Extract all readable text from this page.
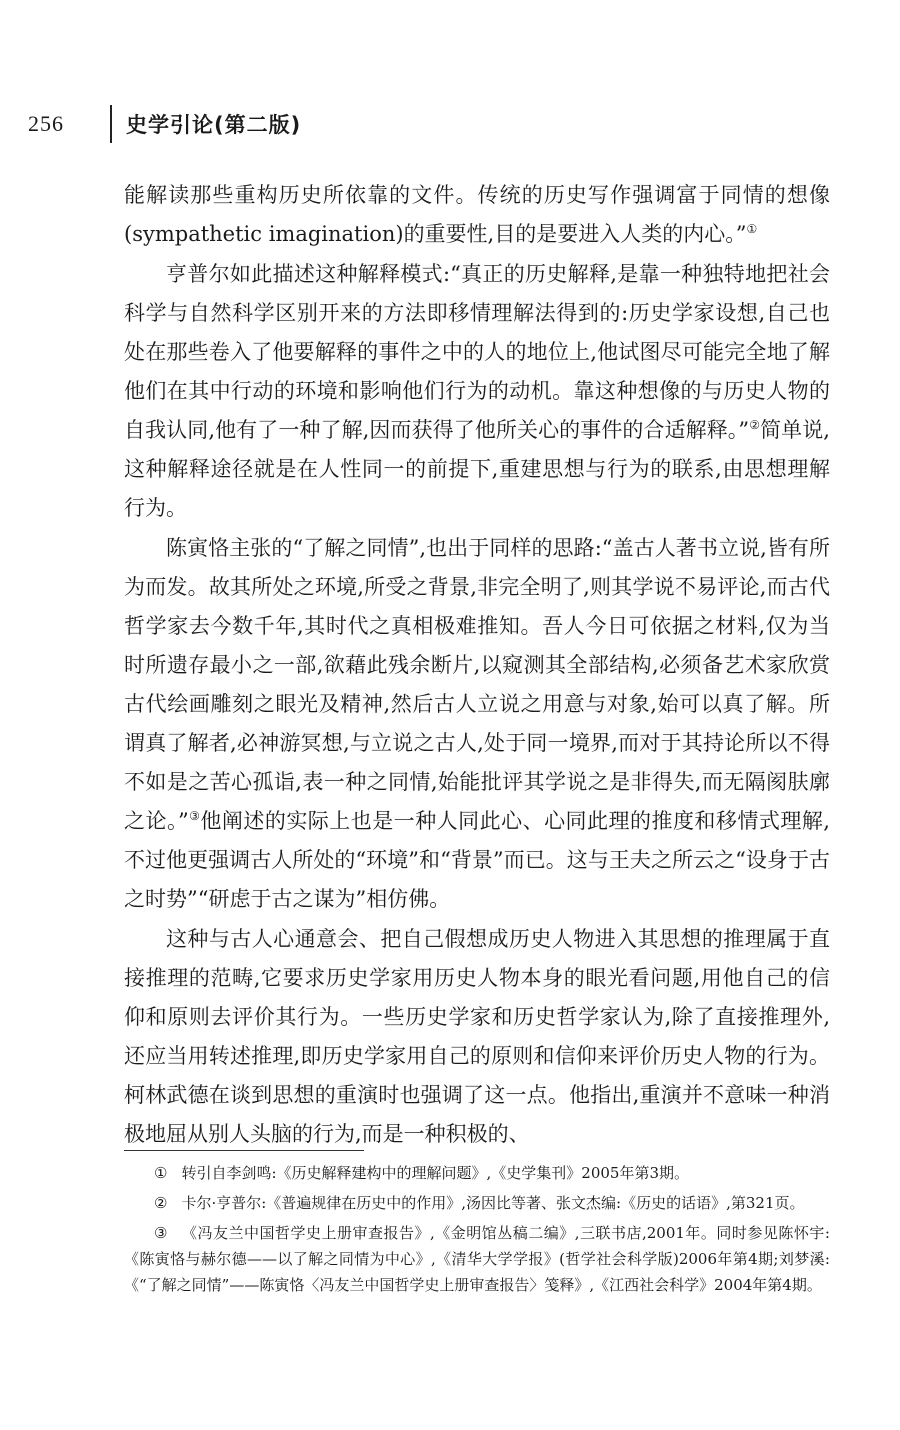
256	史学引论(第二版)

能解读那些重构历史所依靠的文件。传统的历史写作强调富于同情的想像(sympathetic imagination)的重要性,目的是要进入人类的内心。”①

亨普尔如此描述这种解释模式:“真正的历史解释,是靠一种独特地把社会科学与自然科学区别开来的方法即移情理解法得到的:历史学家设想,自己也处在那些卷入了他要解释的事件之中的人的地位上,他试图尽可能完全地了解他们在其中行动的环境和影响他们行为的动机。靠这种想像的与历史人物的自我认同,他有了一种了解,因而获得了他所关心的事件的合适解释。”②简单说,这种解释途径就是在人性同一的前提下,重建思想与行为的联系,由思想理解行为。

陈寅恪主张的“了解之同情”,也出于同样的思路:“盖古人著书立说,皆有所为而发。故其所处之环境,所受之背景,非完全明了,则其学说不易评论,而古代哲学家去今数千年,其时代之真相极难推知。吾人今日可依据之材料,仅为当时所遗存最小之一部,欲藉此残余断片,以窥测其全部结构,必须备艺术家欣赏古代绘画雕刻之眼光及精神,然后古人立说之用意与对象,始可以真了解。所谓真了解者,必神游冥想,与立说之古人,处于同一境界,而对于其持论所以不得不如是之苦心孤诣,表一种之同情,始能批评其学说之是非得失,而无隔阂肤廓之论。”③他阐述的实际上也是一种人同此心、心同此理的推度和移情式理解,不过他更强调古人所处的“环境”和“背景”而已。这与王夫之所云之“设身于古之时势”“研虑于古之谋为”相仿佛。

这种与古人心通意会、把自己假想成历史人物进入其思想的推理属于直接推理的范畴,它要求历史学家用历史人物本身的眼光看问题,用他自己的信仰和原则去评价其行为。一些历史学家和历史哲学家认为,除了直接推理外,还应当用转述推理,即历史学家用自己的原则和信仰来评价历史人物的行为。柯林武德在谈到思想的重演时也强调了这一点。他指出,重演并不意味一种消极地屈从别人头脑的行为,而是一种积极的、

① 转引自李剑鸣:《历史解释建构中的理解问题》,《史学集刊》2005年第3期。

② 卡尔·亨普尔:《普遍规律在历史中的作用》,汤因比等著、张文杰编:《历史的话语》,第321页。

③ 《冯友兰中国哲学史上册审查报告》,《金明馆丛稿二编》,三联书店,2001年。同时参见陈怀宇:《陈寅恪与赫尔德——以了解之同情为中心》,《清华大学学报》(哲学社会科学版)2006年第4期;刘梦溪:《“了解之同情”——陈寅恪〈冯友兰中国哲学史上册审查报告〉笺释》,《江西社会科学》2004年第4期。
